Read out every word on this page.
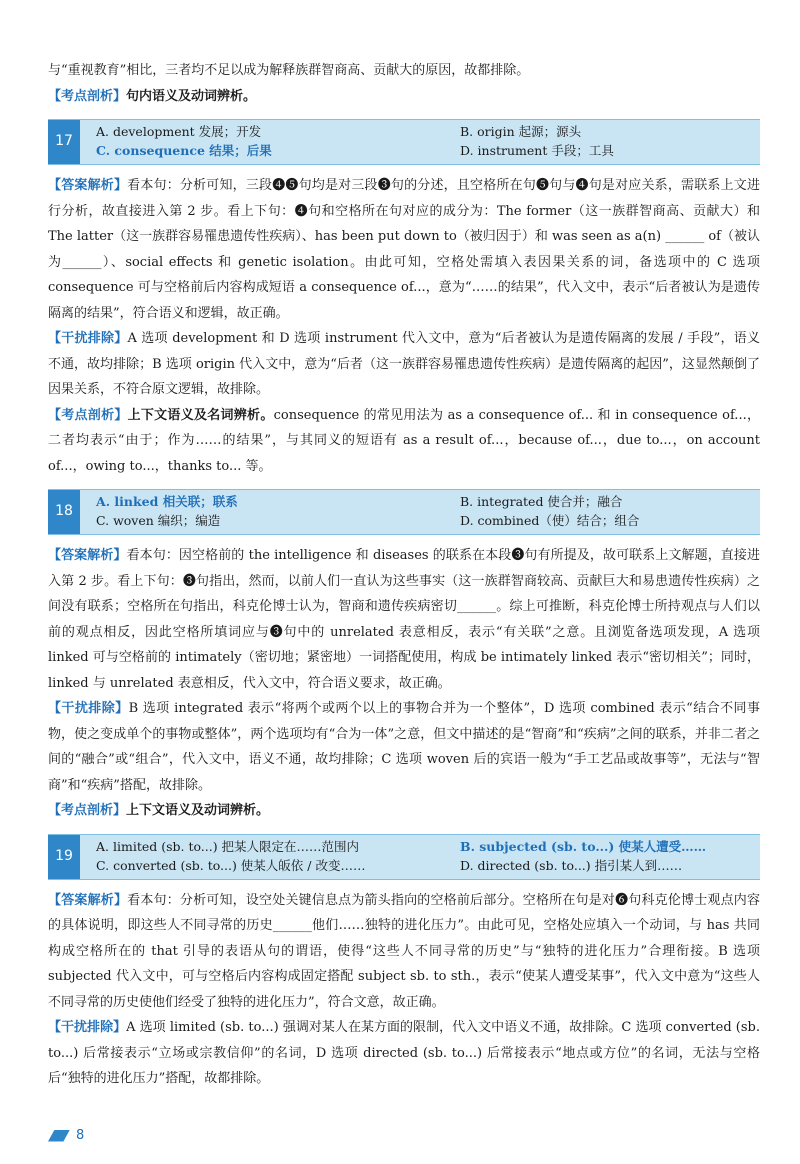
与“重视教育”相比，三者均不足以成为解释族群智商高、贡献大的原因，故都排除。

【考点剖析】句内语义及动词辨析。

17
A. development 发展；开发	B. origin 起源；源头
C. consequence 结果；后果	D. instrument 手段；工具

【答案解析】看本句：分析可知，三段❹❺句均是对三段❸句的分述，且空格所在句❺句与❹句是对应关系，需联系上文进行分析，故直接进入第 2 步。看上下句：❹句和空格所在句对应的成分为：The former（这一族群智商高、贡献大）和 The latter（这一族群容易罹患遗传性疾病）、has been put down to（被归因于）和 was seen as a(n) ______ of（被认为______）、social effects 和 genetic isolation。由此可知，空格处需填入表因果关系的词，备选项中的 C 选项 consequence 可与空格前后内容构成短语 a consequence of...，意为“……的结果”，代入文中，表示“后者被认为是遗传隔离的结果”，符合语义和逻辑，故正确。

【干扰排除】A 选项 development 和 D 选项 instrument 代入文中，意为“后者被认为是遗传隔离的发展 / 手段”，语义不通，故均排除；B 选项 origin 代入文中，意为“后者（这一族群容易罹患遗传性疾病）是遗传隔离的起因”，这显然颠倒了因果关系，不符合原文逻辑，故排除。

【考点剖析】上下文语义及名词辨析。consequence 的常见用法为 as a consequence of... 和 in consequence of...，二者均表示“由于；作为……的结果”，与其同义的短语有 as a result of...，because of...，due to...，on account of...，owing to...，thanks to... 等。

18
A. linked 相关联；联系	B. integrated 使合并；融合
C. woven 编织；编造	D. combined（使）结合；组合

【答案解析】看本句：因空格前的 the intelligence 和 diseases 的联系在本段❸句有所提及，故可联系上文解题，直接进入第 2 步。看上下句：❸句指出，然而，以前人们一直认为这些事实（这一族群智商较高、贡献巨大和易患遗传性疾病）之间没有联系；空格所在句指出，科克伦博士认为，智商和遗传疾病密切______。综上可推断，科克伦博士所持观点与人们以前的观点相反，因此空格所填词应与❸句中的 unrelated 表意相反，表示“有关联”之意。且浏览备选项发现，A 选项 linked 可与空格前的 intimately（密切地；紧密地）一词搭配使用，构成 be intimately linked 表示“密切相关”；同时，linked 与 unrelated 表意相反，代入文中，符合语义要求，故正确。

【干扰排除】B 选项 integrated 表示“将两个或两个以上的事物合并为一个整体”，D 选项 combined 表示“结合不同事物，使之变成单个的事物或整体”，两个选项均有“合为一体”之意，但文中描述的是“智商”和“疾病”之间的联系，并非二者之间的“融合”或“组合”，代入文中，语义不通，故均排除；C 选项 woven 后的宾语一般为“手工艺品或故事等”，无法与“智商”和“疾病”搭配，故排除。

【考点剖析】上下文语义及动词辨析。

19
A. limited (sb. to...) 把某人限定在……范围内	B. subjected (sb. to...) 使某人遭受……
C. converted (sb. to...) 使某人皈依 / 改变……	D. directed (sb. to...) 指引某人到……

【答案解析】看本句：分析可知，设空处关键信息点为箭头指向的空格前后部分。空格所在句是对❻句科克伦博士观点内容的具体说明，即这些人不同寻常的历史______他们……独特的进化压力”。由此可见，空格处应填入一个动词，与 has 共同构成空格所在的 that 引导的表语从句的谓语，使得“这些人不同寻常的历史”与“独特的进化压力”合理衔接。B 选项 subjected 代入文中，可与空格后内容构成固定搭配 subject sb. to sth.，表示“使某人遭受某事”，代入文中意为“这些人不同寻常的历史使他们经受了独特的进化压力”，符合文意，故正确。

【干扰排除】A 选项 limited (sb. to...) 强调对某人在某方面的限制，代入文中语义不通，故排除。C 选项 converted (sb. to...) 后常接表示“立场或宗教信仰”的名词，D 选项 directed (sb. to...) 后常接表示“地点或方位”的名词，无法与空格后“独特的进化压力”搭配，故都排除。

8
